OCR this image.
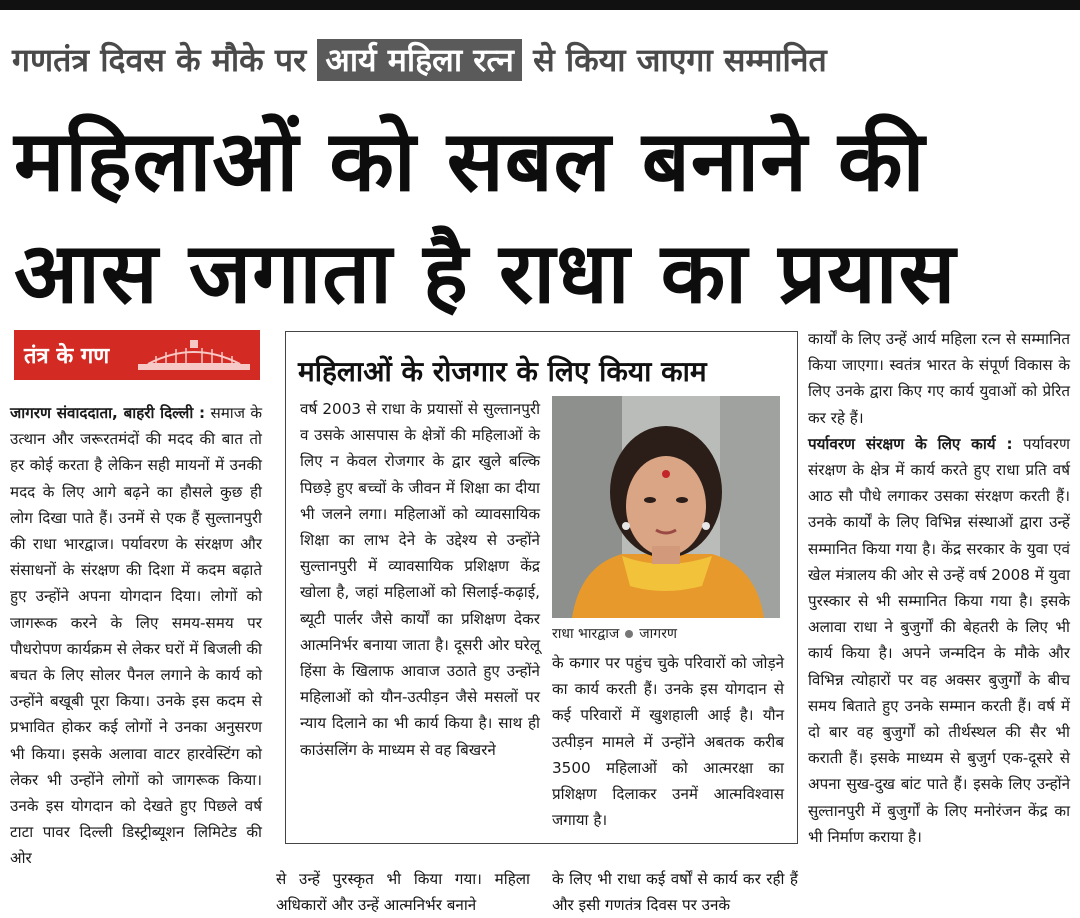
गणतंत्र दिवस के मौके पर आर्य महिला रत्न से किया जाएगा सम्मानित
महिलाओं को सबल बनाने की
आस जगाता है राधा का प्रयास
तंत्र के गण

जागरण संवाददाता, बाहरी दिल्ली : समाज के उत्थान और जरूरतमंदों की मदद की बात तो हर कोई करता है लेकिन सही मायनों में उनकी मदद के लिए आगे बढ़ने का हौसले कुछ ही लोग दिखा पाते हैं। उनमें से एक हैं सुल्तानपुरी की राधा भारद्वाज। पर्यावरण के संरक्षण और संसाधनों के संरक्षण की दिशा में कदम बढ़ाते हुए उन्होंने अपना योगदान दिया। लोगों को जागरूक करने के लिए समय-समय पर पौधरोपण कार्यक्रम से लेकर घरों में बिजली की बचत के लिए सोलर पैनल लगाने के कार्य को उन्होंने बखूबी पूरा किया। उनके इस कदम से प्रभावित होकर कई लोगों ने उनका अनुसरण भी किया। इसके अलावा वाटर हारवेस्टिंग को लेकर भी उन्होंने लोगों को जागरूक किया। उनके इस योगदान को देखते हुए पिछले वर्ष टाटा पावर दिल्ली डिस्ट्रीब्यूशन लिमिटेड की ओर

महिलाओं के रोजगार के लिए किया काम

वर्ष 2003 से राधा के प्रयासों से सुल्तानपुरी व उसके आसपास के क्षेत्रों की महिलाओं के लिए न केवल रोजगार के द्वार खुले बल्कि पिछड़े हुए बच्चों के जीवन में शिक्षा का दीया भी जलने लगा। महिलाओं को व्यावसायिक शिक्षा का लाभ देने के उद्देश्य से उन्होंने सुल्तानपुरी में व्यावसायिक प्रशिक्षण केंद्र खोला है, जहां महिलाओं को सिलाई-कढ़ाई, ब्यूटी पार्लर जैसे कार्यों का प्रशिक्षण देकर आत्मनिर्भर बनाया जाता है। दूसरी ओर घरेलू हिंसा के खिलाफ आवाज उठाते हुए उन्होंने महिलाओं को यौन-उत्पीड़न जैसे मसलों पर न्याय दिलाने का भी कार्य किया है। साथ ही काउंसलिंग के माध्यम से वह बिखरने

राधा भारद्वाज जागरण

के कगार पर पहुंच चुके परिवारों को जोड़ने का कार्य करती हैं। उनके इस योगदान से कई परिवारों में खुशहाली आई है। यौन उत्पीड़न मामले में उन्होंने अबतक करीब 3500 महिलाओं को आत्मरक्षा का प्रशिक्षण दिलाकर उनमें आत्मविश्वास जगाया है।

से उन्हें पुरस्कृत भी किया गया। महिला अधिकारों और उन्हें आत्मनिर्भर बनाने

के लिए भी राधा कई वर्षों से कार्य कर रही हैं और इसी गणतंत्र दिवस पर उनके

कार्यों के लिए उन्हें आर्य महिला रत्न से सम्मानित किया जाएगा। स्वतंत्र भारत के संपूर्ण विकास के लिए उनके द्वारा किए गए कार्य युवाओं को प्रेरित कर रहे हैं।

पर्यावरण संरक्षण के लिए कार्य : पर्यावरण संरक्षण के क्षेत्र में कार्य करते हुए राधा प्रति वर्ष आठ सौ पौधे लगाकर उसका संरक्षण करती हैं। उनके कार्यों के लिए विभिन्न संस्थाओं द्वारा उन्हें सम्मानित किया गया है। केंद्र सरकार के युवा एवं खेल मंत्रालय की ओर से उन्हें वर्ष 2008 में युवा पुरस्कार से भी सम्मानित किया गया है। इसके अलावा राधा ने बुजुर्गों की बेहतरी के लिए भी कार्य किया है। अपने जन्मदिन के मौके और विभिन्न त्योहारों पर वह अक्सर बुजुर्गों के बीच समय बिताते हुए उनके सम्मान करती हैं। वर्ष में दो बार वह बुजुर्गों को तीर्थस्थल की सैर भी कराती हैं। इसके माध्यम से बुजुर्ग एक-दूसरे से अपना सुख-दुख बांट पाते हैं। इसके लिए उन्होंने सुल्तानपुरी में बुजुर्गों के लिए मनोरंजन केंद्र का भी निर्माण कराया है।
